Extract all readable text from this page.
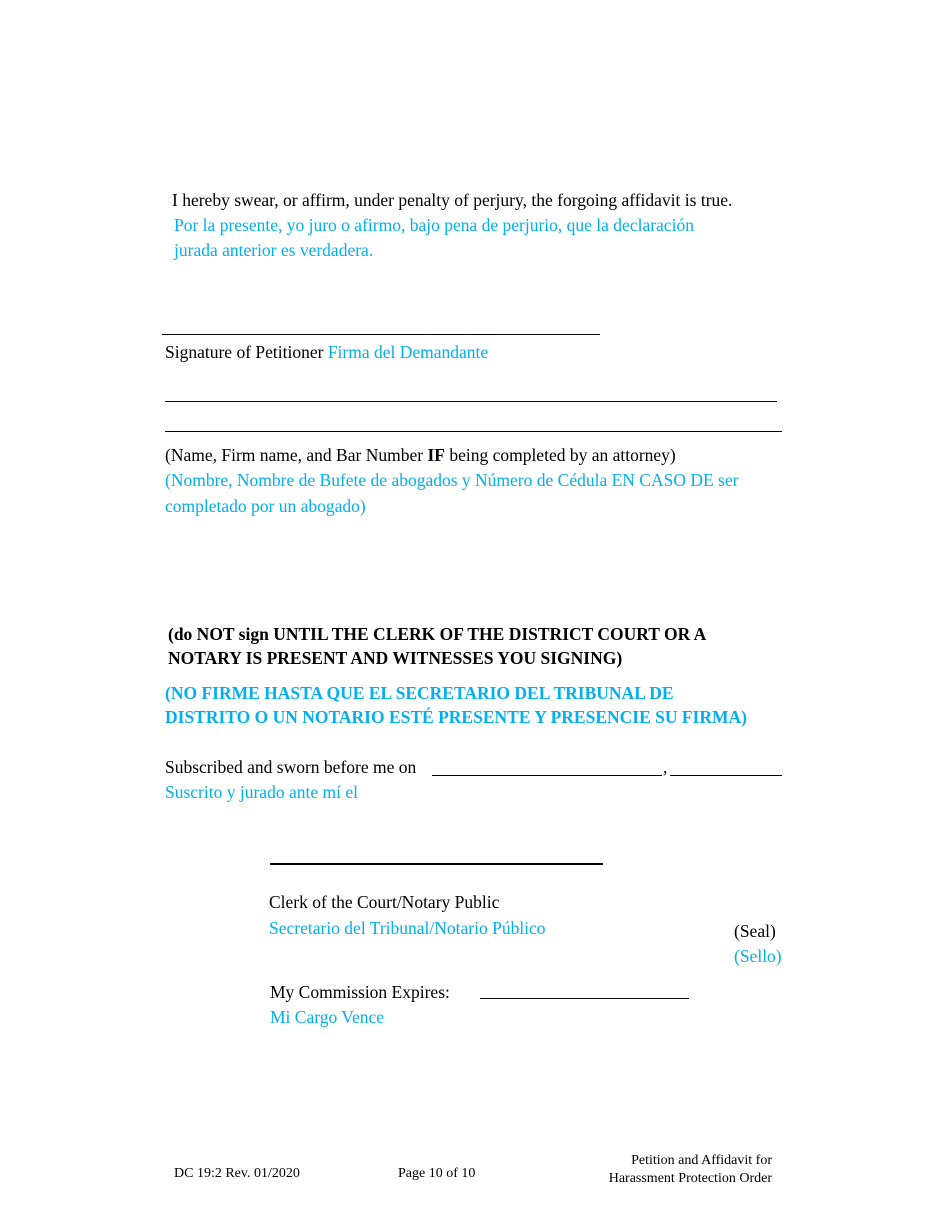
I hereby swear, or affirm, under penalty of perjury, the forgoing affidavit is true.
Por la presente, yo juro o afirmo, bajo pena de perjurio, que la declaración
jurada anterior es verdadera.
Signature of Petitioner Firma del Demandante
(Name, Firm name, and Bar Number IF being completed by an attorney)
(Nombre, Nombre de Bufete de abogados y Número de Cédula EN CASO DE ser
completado por un abogado)
(do NOT sign UNTIL THE CLERK OF THE DISTRICT COURT OR A
NOTARY IS PRESENT AND WITNESSES YOU SIGNING)
(NO FIRME HASTA QUE EL SECRETARIO DEL TRIBUNAL DE
DISTRITO O UN NOTARIO ESTÉ PRESENTE Y PRESENCIE SU FIRMA)
Subscribed and sworn before me on	,
Suscrito y jurado ante mí el
Clerk of the Court/Notary Public
Secretario del Tribunal/Notario Público	(Seal)
(Sello)
My Commission Expires:
Mi Cargo Vence
DC 19:2 Rev. 01/2020	Page 10 of 10
Petition and Affidavit for
Harassment Protection Order
